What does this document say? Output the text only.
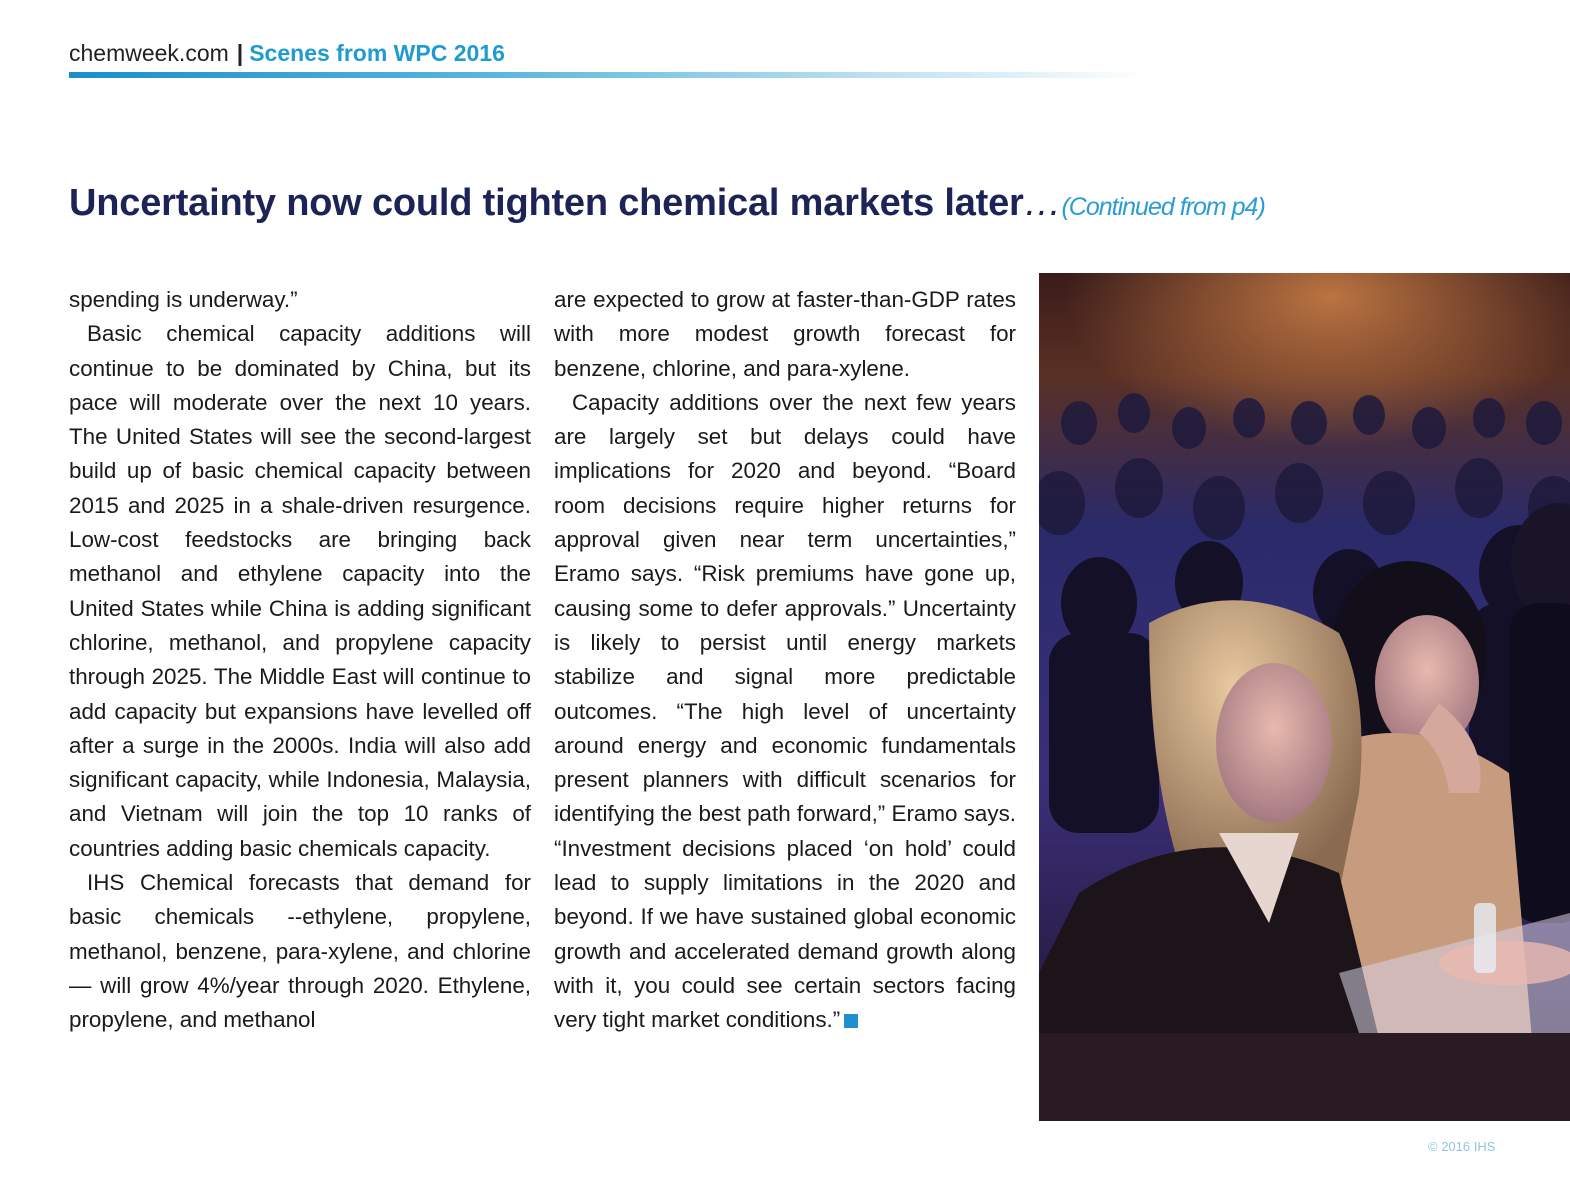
chemweek.com | Scenes from WPC 2016
Uncertainty now could tighten chemical markets later…(Continued from p4)

spending is underway.”

Basic chemical capacity additions will continue to be dominated by China, but its pace will moderate over the next 10 years. The United States will see the second-largest build up of basic chemical capacity between 2015 and 2025 in a shale-driven resurgence. Low-cost feedstocks are bringing back methanol and ethylene capacity into the United States while China is adding significant chlorine, methanol, and propylene capacity through 2025. The Middle East will continue to add capacity but expansions have levelled off after a surge in the 2000s. India will also add significant capacity, while Indonesia, Malaysia, and Vietnam will join the top 10 ranks of countries adding basic chemicals capacity.

IHS Chemical forecasts that demand for basic chemicals --ethylene, propylene, methanol, benzene, para-xylene, and chlorine — will grow 4%/year through 2020. Ethylene, propylene, and methanol

are expected to grow at faster-than-GDP rates with more modest growth forecast for benzene, chlorine, and para-xylene.

Capacity additions over the next few years are largely set but delays could have implications for 2020 and beyond. “Board room decisions require higher returns for approval given near term uncertainties,” Eramo says. “Risk premiums have gone up, causing some to defer approvals.” Uncertainty is likely to persist until energy markets stabilize and signal more predictable outcomes. “The high level of uncertainty around energy and economic fundamentals present planners with difficult scenarios for identifying the best path forward,” Eramo says. “Investment decisions placed ‘on hold’ could lead to supply limitations in the 2020 and beyond. If we have sustained global economic growth and accelerated demand growth along with it, you could see certain sectors facing very tight market conditions.”

© 2016 IHS
